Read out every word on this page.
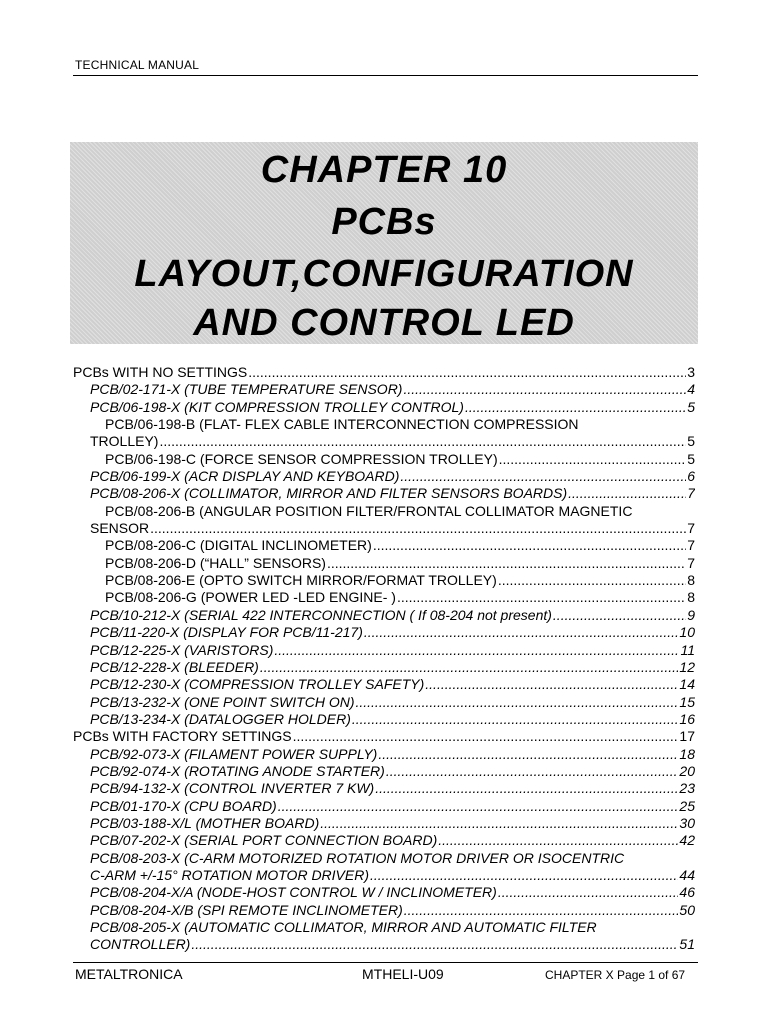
TECHNICAL MANUAL
CHAPTER 10
PCBs
LAYOUT,CONFIGURATION
AND CONTROL LED
PCBs WITH NO SETTINGS .....	3
PCB/02-171-X (TUBE TEMPERATURE SENSOR) .....	4
PCB/06-198-X (KIT COMPRESSION TROLLEY CONTROL) .....	5
PCB/06-198-B (FLAT- FLEX CABLE INTERCONNECTION COMPRESSION
TROLLEY) .....	5
PCB/06-198-C (FORCE SENSOR COMPRESSION TROLLEY) .....	5
PCB/06-199-X (ACR DISPLAY AND KEYBOARD) .....	6
PCB/08-206-X (COLLIMATOR, MIRROR AND FILTER SENSORS BOARDS) .....	7
PCB/08-206-B (ANGULAR POSITION FILTER/FRONTAL COLLIMATOR MAGNETIC
SENSOR .....	7
PCB/08-206-C (DIGITAL INCLINOMETER) .....	7
PCB/08-206-D (“HALL” SENSORS) .....	7
PCB/08-206-E (OPTO SWITCH MIRROR/FORMAT TROLLEY) .....	8
PCB/08-206-G (POWER LED -LED ENGINE- ) .....	8
PCB/10-212-X (SERIAL 422 INTERCONNECTION ( If 08-204 not present) .....	9
PCB/11-220-X (DISPLAY FOR PCB/11-217) .....	10
PCB/12-225-X (VARISTORS) .....	11
PCB/12-228-X (BLEEDER) .....	12
PCB/12-230-X (COMPRESSION TROLLEY SAFETY) .....	14
PCB/13-232-X (ONE POINT SWITCH ON) .....	15
PCB/13-234-X (DATALOGGER HOLDER) .....	16
PCBs WITH FACTORY SETTINGS .....	17
PCB/92-073-X (FILAMENT POWER SUPPLY) .....	18
PCB/92-074-X (ROTATING ANODE STARTER) .....	20
PCB/94-132-X (CONTROL INVERTER 7 KW) .....	23
PCB/01-170-X (CPU BOARD) .....	25
PCB/03-188-X/L (MOTHER BOARD) .....	30
PCB/07-202-X (SERIAL PORT CONNECTION BOARD) .....	42
PCB/08-203-X (C-ARM MOTORIZED ROTATION MOTOR DRIVER OR ISOCENTRIC
C-ARM +/-15° ROTATION MOTOR DRIVER) .....	44
PCB/08-204-X/A (NODE-HOST CONTROL W / INCLINOMETER) .....	46
PCB/08-204-X/B (SPI REMOTE INCLINOMETER) .....	50
PCB/08-205-X (AUTOMATIC COLLIMATOR, MIRROR AND AUTOMATIC FILTER
CONTROLLER) .....	51
METALTRONICA	MTHELI-U09	CHAPTER X Page 1 of 67
